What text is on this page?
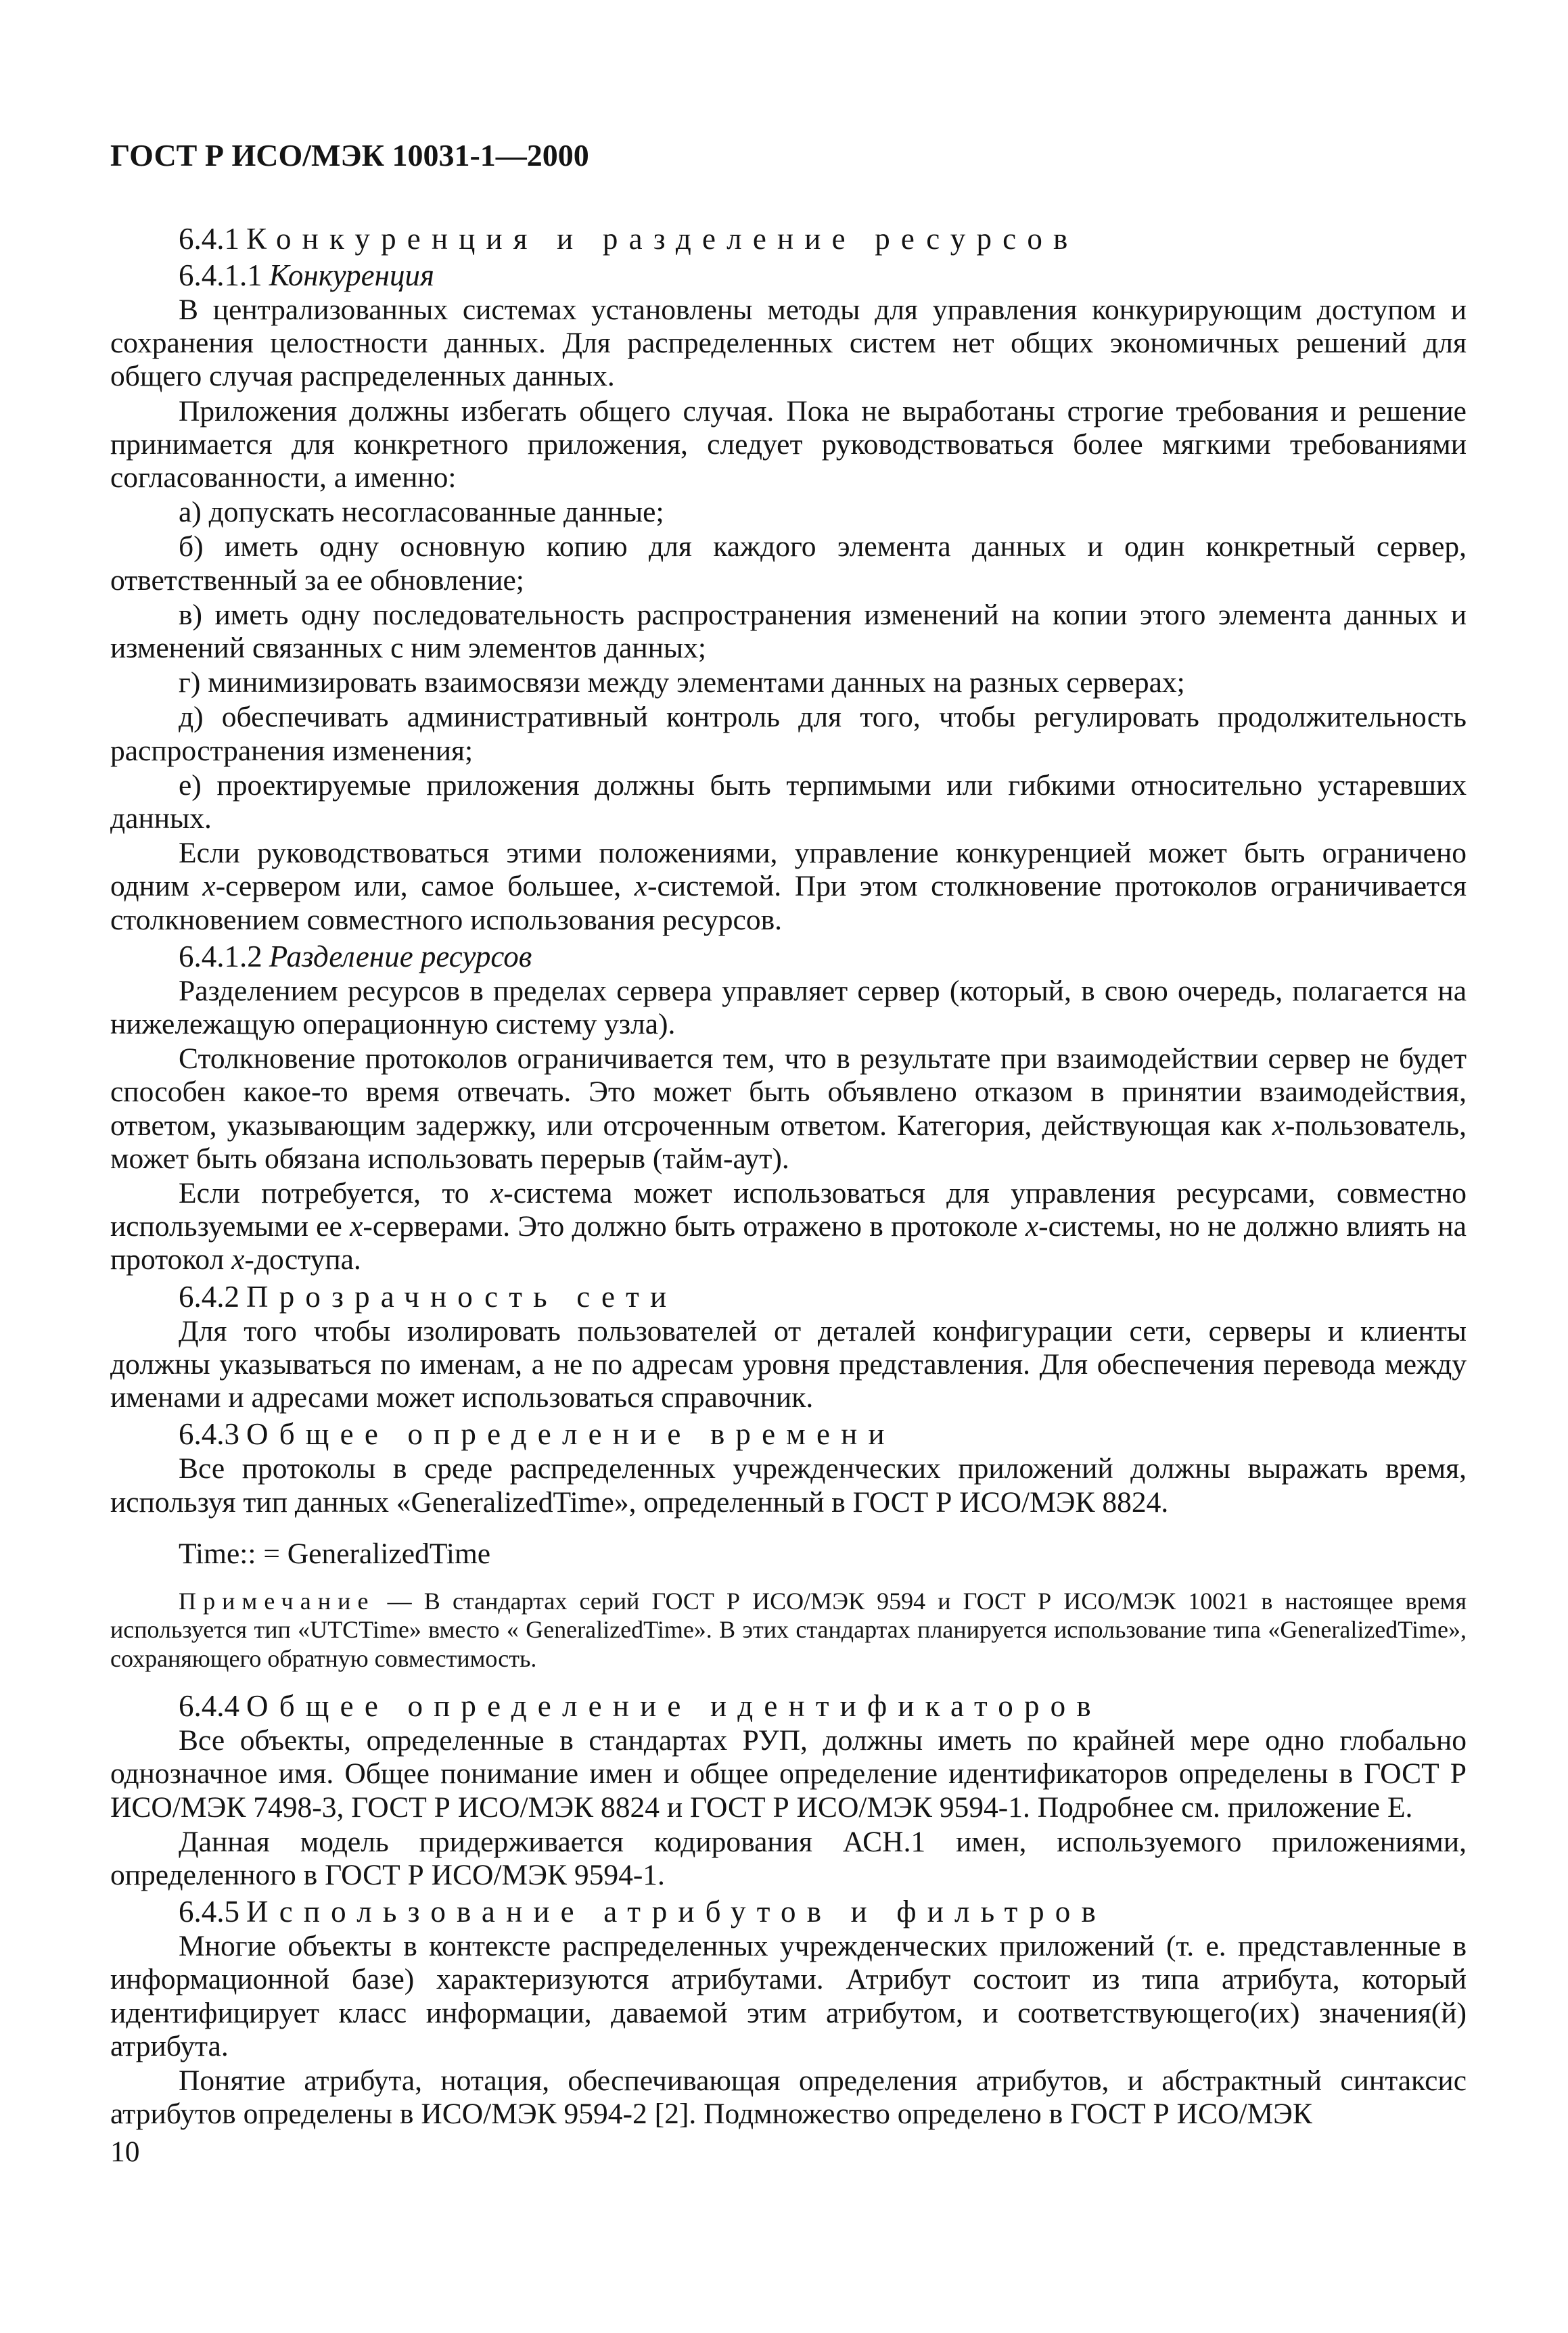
ГОСТ Р ИСО/МЭК 10031-1—2000
6.4.1 Конкуренция и разделение ресурсов
6.4.1.1 Конкуренция

В централизованных системах установлены методы для управления конкурирующим доступом и сохранения целостности данных. Для распределенных систем нет общих экономичных решений для общего случая распределенных данных.

Приложения должны избегать общего случая. Пока не выработаны строгие требования и решение принимается для конкретного приложения, следует руководствоваться более мягкими требованиями согласованности, а именно:

а) допускать несогласованные данные;

б) иметь одну основную копию для каждого элемента данных и один конкретный сервер, ответственный за ее обновление;

в) иметь одну последовательность распространения изменений на копии этого элемента данных и изменений связанных с ним элементов данных;

г) минимизировать взаимосвязи между элементами данных на разных серверах;

д) обеспечивать административный контроль для того, чтобы регулировать продолжительность распространения изменения;

е) проектируемые приложения должны быть терпимыми или гибкими относительно устаревших данных.

Если руководствоваться этими положениями, управление конкуренцией может быть ограничено одним x-сервером или, самое большее, x-системой. При этом столкновение протоколов ограничивается столкновением совместного использования ресурсов.

6.4.1.2 Разделение ресурсов

Разделением ресурсов в пределах сервера управляет сервер (который, в свою очередь, полагается на нижележащую операционную систему узла).

Столкновение протоколов ограничивается тем, что в результате при взаимодействии сервер не будет способен какое-то время отвечать. Это может быть объявлено отказом в принятии взаимодействия, ответом, указывающим задержку, или отсроченным ответом. Категория, действующая как x-пользователь, может быть обязана использовать перерыв (тайм-аут).

Если потребуется, то x-система может использоваться для управления ресурсами, совместно используемыми ее x-серверами. Это должно быть отражено в протоколе x-системы, но не должно влиять на протокол x-доступа.

6.4.2 Прозрачность сети

Для того чтобы изолировать пользователей от деталей конфигурации сети, серверы и клиенты должны указываться по именам, а не по адресам уровня представления. Для обеспечения перевода между именами и адресами может использоваться справочник.

6.4.3 Общее определение времени

Все протоколы в среде распределенных учрежденческих приложений должны выражать время, используя тип данных «GeneralizedTime», определенный в ГОСТ Р ИСО/МЭК 8824.

Time:: = GeneralizedTime

Примечание — В стандартах серий ГОСТ Р ИСО/МЭК 9594 и ГОСТ Р ИСО/МЭК 10021 в настоящее время используется тип «UTCTime» вместо « GeneralizedTime». В этих стандартах планируется использование типа «GeneralizedTime», сохраняющего обратную совместимость.

6.4.4 Общее определение идентификаторов

Все объекты, определенные в стандартах РУП, должны иметь по крайней мере одно глобально однозначное имя. Общее понимание имен и общее определение идентификаторов определены в ГОСТ Р ИСО/МЭК 7498-3, ГОСТ Р ИСО/МЭК 8824 и ГОСТ Р ИСО/МЭК 9594-1. Подробнее см. приложение Е.

Данная модель придерживается кодирования АСН.1 имен, используемого приложениями, определенного в ГОСТ Р ИСО/МЭК 9594-1.

6.4.5 Использование атрибутов и фильтров

Многие объекты в контексте распределенных учрежденческих приложений (т. е. представленные в информационной базе) характеризуются атрибутами. Атрибут состоит из типа атрибута, который идентифицирует класс информации, даваемой этим атрибутом, и соответствующего(их) значения(й) атрибута.

Понятие атрибута, нотация, обеспечивающая определения атрибутов, и абстрактный синтаксис атрибутов определены в ИСО/МЭК 9594-2 [2]. Подмножество определено в ГОСТ Р ИСО/МЭК

10
